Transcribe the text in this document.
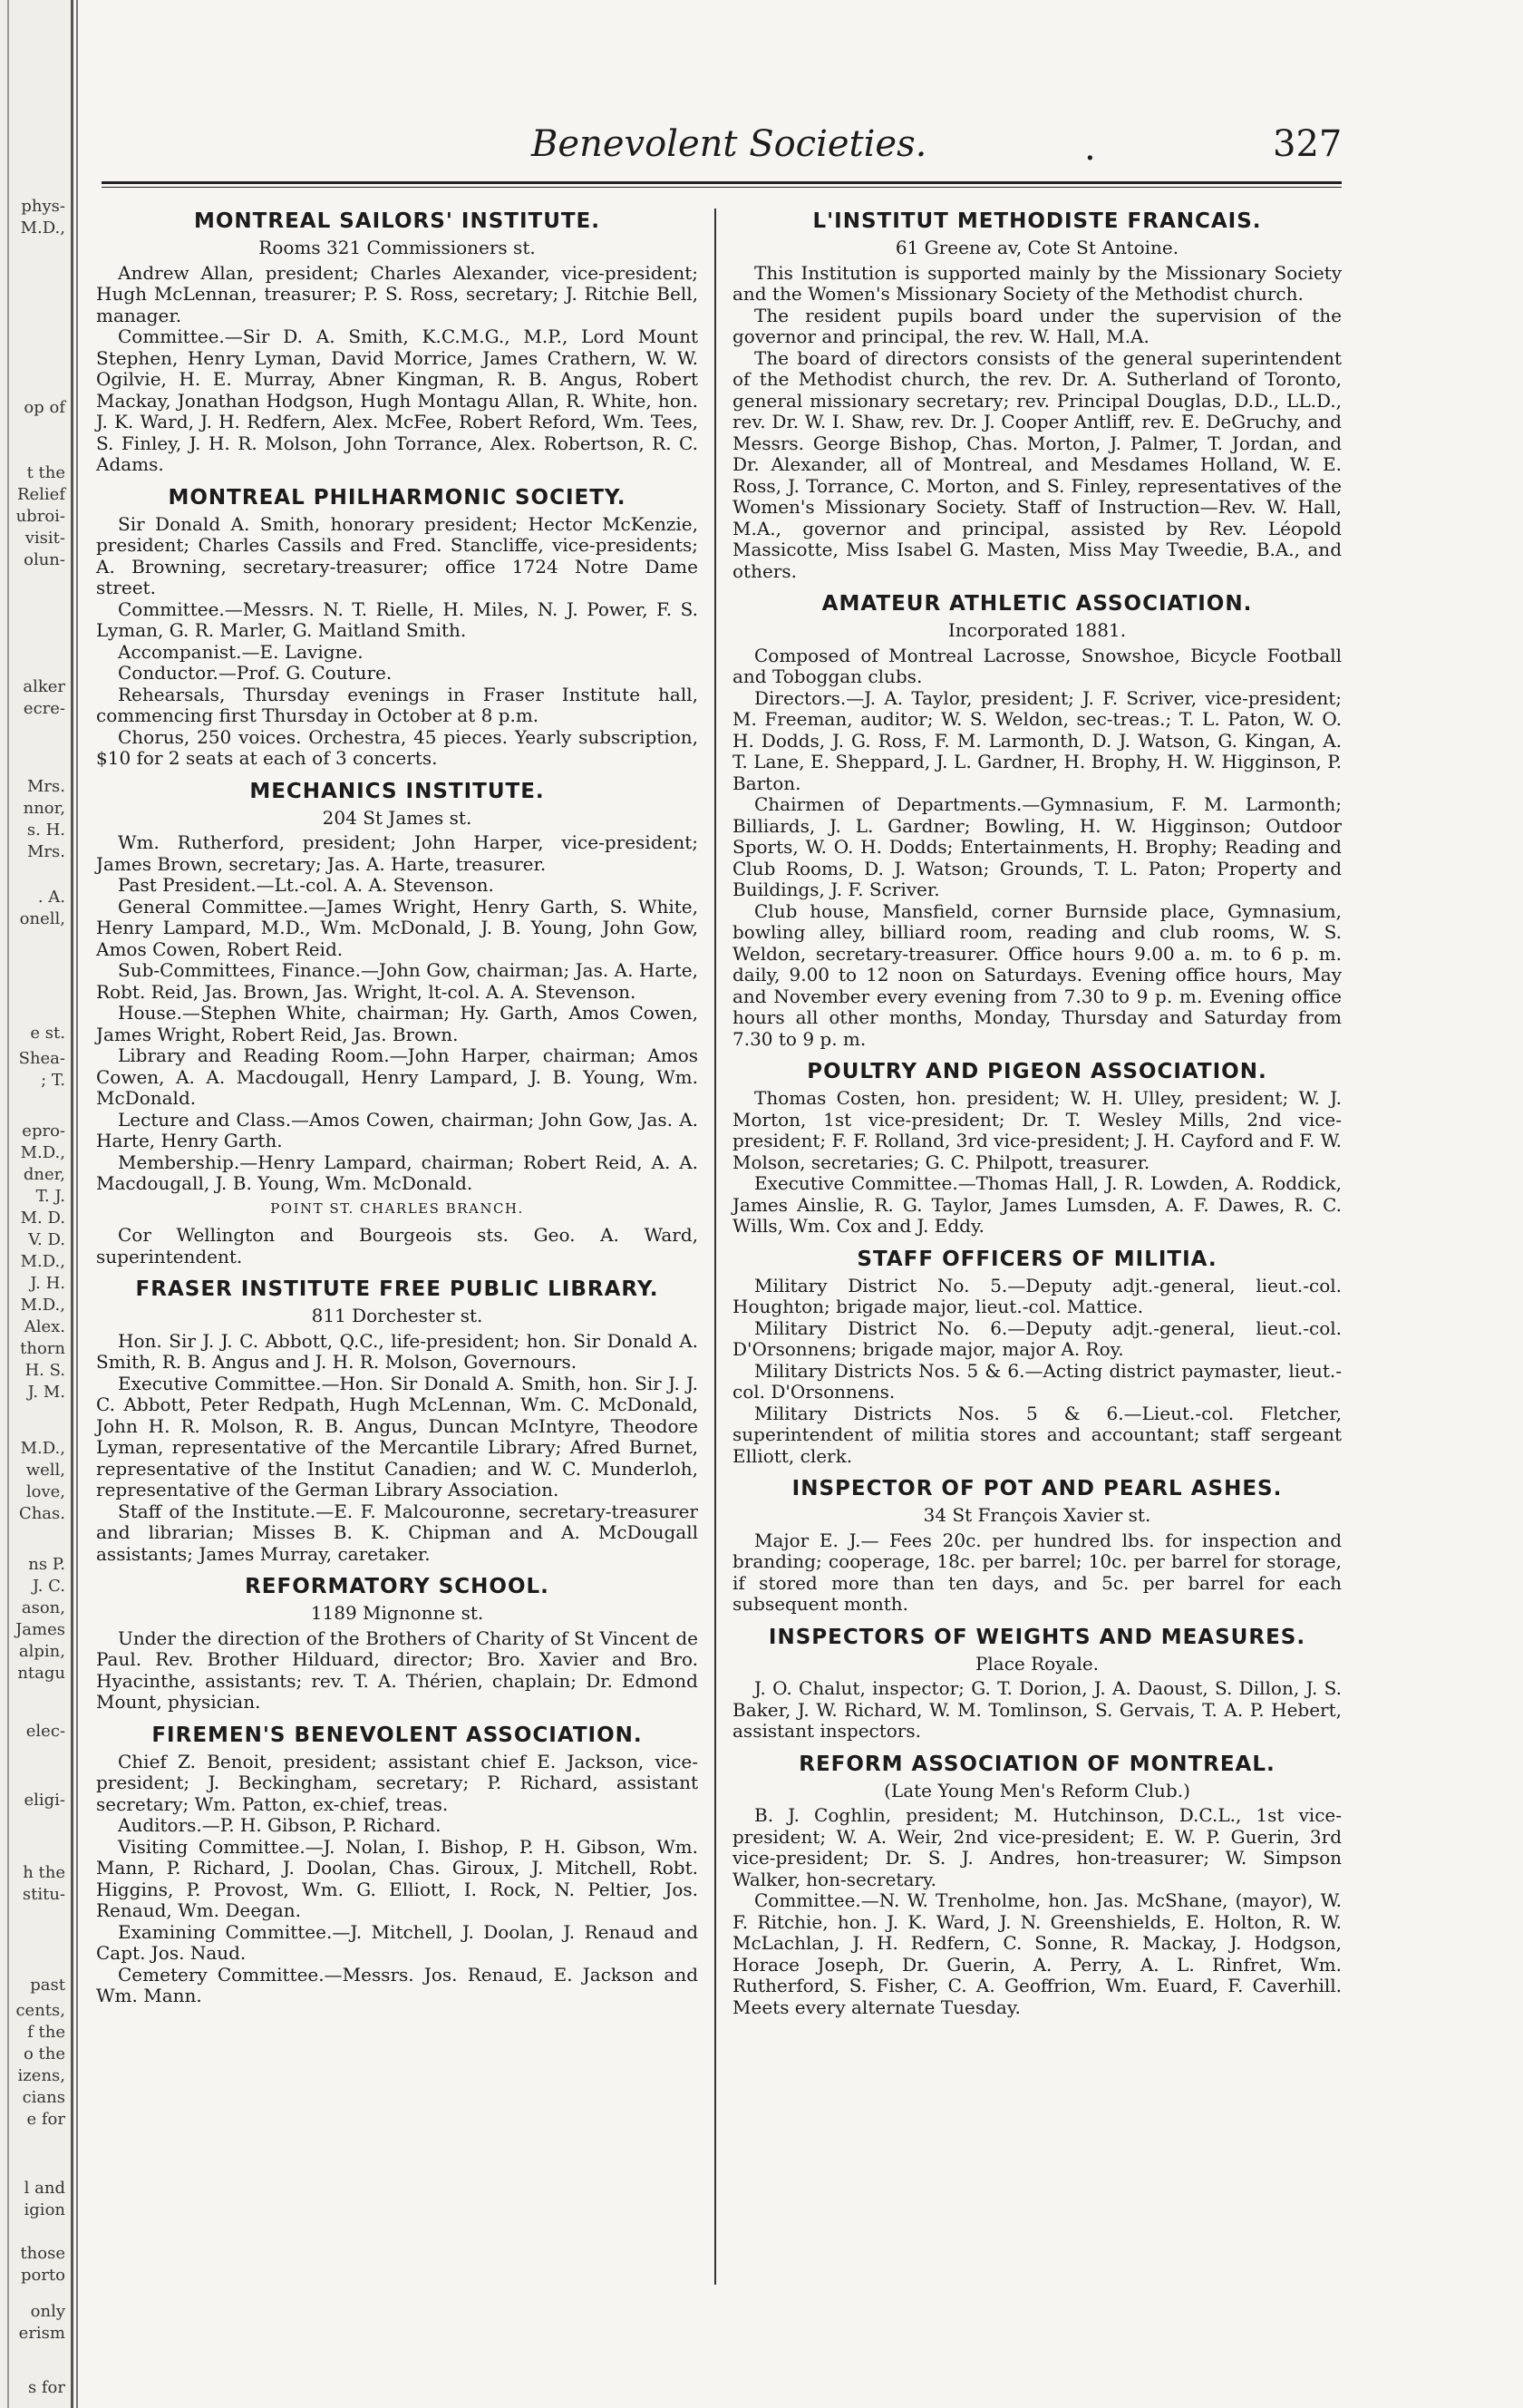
phys-
M.D.,
op of
t the
Relief
ubroi-
visit-
olun-
alker
ecre-
Mrs.
nnor,
s. H.
Mrs.
. A.
onell,
e st.
Shea-
; T.
epro-
M.D.,
dner,
T. J.
M. D.
V. D.
M.D.,
J. H.
M.D.,
Alex.
thorn
H. S.
J. M.
M.D.,
well,
love,
Chas.
ns P.
J. C.
ason,
James
alpin,
ntagu
elec-
eligi-
h the
stitu-
past
cents,
f the
o the
izens,
cians
e for
l and
igion
those
porto
only
erism
s for
Benevolent Societies.	.	327
MONTREAL SAILORS' INSTITUTE.
Rooms 321 Commissioners st.

Andrew Allan, president; Charles Alexander, vice-president; Hugh McLennan, treasurer; P. S. Ross, secretary; J. Ritchie Bell, manager.

Committee.—Sir D. A. Smith, K.C.M.G., M.P., Lord Mount Stephen, Henry Lyman, David Morrice, James Crathern, W. W. Ogilvie, H. E. Murray, Abner Kingman, R. B. Angus, Robert Mackay, Jonathan Hodgson, Hugh Montagu Allan, R. White, hon. J. K. Ward, J. H. Redfern, Alex. McFee, Robert Reford, Wm. Tees, S. Finley, J. H. R. Molson, John Torrance, Alex. Robertson, R. C. Adams.

MONTREAL PHILHARMONIC SOCIETY.

Sir Donald A. Smith, honorary president; Hector McKenzie, president; Charles Cassils and Fred. Stancliffe, vice-presidents; A. Browning, secretary-treasurer; office 1724 Notre Dame street.

Committee.—Messrs. N. T. Rielle, H. Miles, N. J. Power, F. S. Lyman, G. R. Marler, G. Maitland Smith.

Accompanist.—E. Lavigne.

Conductor.—Prof. G. Couture.

Rehearsals, Thursday evenings in Fraser Institute hall, commencing first Thursday in October at 8 p.m.

Chorus, 250 voices. Orchestra, 45 pieces. Yearly subscription, $10 for 2 seats at each of 3 concerts.

MECHANICS INSTITUTE.
204 St James st.

Wm. Rutherford, president; John Harper, vice-president; James Brown, secretary; Jas. A. Harte, treasurer.

Past President.—Lt.-col. A. A. Stevenson.

General Committee.—James Wright, Henry Garth, S. White, Henry Lampard, M.D., Wm. McDonald, J. B. Young, John Gow, Amos Cowen, Robert Reid.

Sub-Committees, Finance.—John Gow, chairman; Jas. A. Harte, Robt. Reid, Jas. Brown, Jas. Wright, lt-col. A. A. Stevenson.

House.—Stephen White, chairman; Hy. Garth, Amos Cowen, James Wright, Robert Reid, Jas. Brown.

Library and Reading Room.—John Harper, chairman; Amos Cowen, A. A. Macdougall, Henry Lampard, J. B. Young, Wm. McDonald.

Lecture and Class.—Amos Cowen, chairman; John Gow, Jas. A. Harte, Henry Garth.

Membership.—Henry Lampard, chairman; Robert Reid, A. A. Macdougall, J. B. Young, Wm. McDonald.

POINT ST. CHARLES BRANCH.

Cor Wellington and Bourgeois sts. Geo. A. Ward, superintendent.

FRASER INSTITUTE FREE PUBLIC LIBRARY.
811 Dorchester st.

Hon. Sir J. J. C. Abbott, Q.C., life-president; hon. Sir Donald A. Smith, R. B. Angus and J. H. R. Molson, Governours.

Executive Committee.—Hon. Sir Donald A. Smith, hon. Sir J. J. C. Abbott, Peter Redpath, Hugh McLennan, Wm. C. McDonald, John H. R. Molson, R. B. Angus, Duncan McIntyre, Theodore Lyman, representative of the Mercantile Library; Afred Burnet, representative of the Institut Canadien; and W. C. Munderloh, representative of the German Library Association.

Staff of the Institute.—E. F. Malcouronne, secretary-treasurer and librarian; Misses B. K. Chipman and A. McDougall assistants; James Murray, caretaker.

REFORMATORY SCHOOL.
1189 Mignonne st.

Under the direction of the Brothers of Charity of St Vincent de Paul. Rev. Brother Hilduard, director; Bro. Xavier and Bro. Hyacinthe, assistants; rev. T. A. Thérien, chaplain; Dr. Edmond Mount, physician.

FIREMEN'S BENEVOLENT ASSOCIATION.

Chief Z. Benoit, president; assistant chief E. Jackson, vice-president; J. Beckingham, secretary; P. Richard, assistant secretary; Wm. Patton, ex-chief, treas.

Auditors.—P. H. Gibson, P. Richard.

Visiting Committee.—J. Nolan, I. Bishop, P. H. Gibson, Wm. Mann, P. Richard, J. Doolan, Chas. Giroux, J. Mitchell, Robt. Higgins, P. Provost, Wm. G. Elliott, I. Rock, N. Peltier, Jos. Renaud, Wm. Deegan.

Examining Committee.—J. Mitchell, J. Doolan, J. Renaud and Capt. Jos. Naud.

Cemetery Committee.—Messrs. Jos. Renaud, E. Jackson and Wm. Mann.

L'INSTITUT METHODISTE FRANCAIS.
61 Greene av, Cote St Antoine.

This Institution is supported mainly by the Missionary Society and the Women's Missionary Society of the Methodist church.

The resident pupils board under the supervision of the governor and principal, the rev. W. Hall, M.A.

The board of directors consists of the general superintendent of the Methodist church, the rev. Dr. A. Sutherland of Toronto, general missionary secretary; rev. Principal Douglas, D.D., LL.D., rev. Dr. W. I. Shaw, rev. Dr. J. Cooper Antliff, rev. E. DeGruchy, and Messrs. George Bishop, Chas. Morton, J. Palmer, T. Jordan, and Dr. Alexander, all of Montreal, and Mesdames Holland, W. E. Ross, J. Torrance, C. Morton, and S. Finley, representatives of the Women's Missionary Society. Staff of Instruction—Rev. W. Hall, M.A., governor and principal, assisted by Rev. Léopold Massicotte, Miss Isabel G. Masten, Miss May Tweedie, B.A., and others.

AMATEUR ATHLETIC ASSOCIATION.
Incorporated 1881.

Composed of Montreal Lacrosse, Snowshoe, Bicycle Football and Toboggan clubs.

Directors.—J. A. Taylor, president; J. F. Scriver, vice-president; M. Freeman, auditor; W. S. Weldon, sec-treas.; T. L. Paton, W. O. H. Dodds, J. G. Ross, F. M. Larmonth, D. J. Watson, G. Kingan, A. T. Lane, E. Sheppard, J. L. Gardner, H. Brophy, H. W. Higginson, P. Barton.

Chairmen of Departments.—Gymnasium, F. M. Larmonth; Billiards, J. L. Gardner; Bowling, H. W. Higginson; Outdoor Sports, W. O. H. Dodds; Entertainments, H. Brophy; Reading and Club Rooms, D. J. Watson; Grounds, T. L. Paton; Property and Buildings, J. F. Scriver.

Club house, Mansfield, corner Burnside place, Gymnasium, bowling alley, billiard room, reading and club rooms, W. S. Weldon, secretary-treasurer. Office hours 9.00 a. m. to 6 p. m. daily, 9.00 to 12 noon on Saturdays. Evening office hours, May and November every evening from 7.30 to 9 p. m. Evening office hours all other months, Monday, Thursday and Saturday from 7.30 to 9 p. m.

POULTRY AND PIGEON ASSOCIATION.

Thomas Costen, hon. president; W. H. Ulley, president; W. J. Morton, 1st vice-president; Dr. T. Wesley Mills, 2nd vice-president; F. F. Rolland, 3rd vice-president; J. H. Cayford and F. W. Molson, secretaries; G. C. Philpott, treasurer.

Executive Committee.—Thomas Hall, J. R. Lowden, A. Roddick, James Ainslie, R. G. Taylor, James Lumsden, A. F. Dawes, R. C. Wills, Wm. Cox and J. Eddy.

STAFF OFFICERS OF MILITIA.

Military District No. 5.—Deputy adjt.-general, lieut.-col. Houghton; brigade major, lieut.-col. Mattice.

Military District No. 6.—Deputy adjt.-general, lieut.-col. D'Orsonnens; brigade major, major A. Roy.

Military Districts Nos. 5 & 6.—Acting district paymaster, lieut.-col. D'Orsonnens.

Military Districts Nos. 5 & 6.—Lieut.-col. Fletcher, superintendent of militia stores and accountant; staff sergeant Elliott, clerk.

INSPECTOR OF POT AND PEARL ASHES.
34 St François Xavier st.

Major E. J.— Fees 20c. per hundred lbs. for inspection and branding; cooperage, 18c. per barrel; 10c. per barrel for storage, if stored more than ten days, and 5c. per barrel for each subsequent month.

INSPECTORS OF WEIGHTS AND MEASURES.
Place Royale.

J. O. Chalut, inspector; G. T. Dorion, J. A. Daoust, S. Dillon, J. S. Baker, J. W. Richard, W. M. Tomlinson, S. Gervais, T. A. P. Hebert, assistant inspectors.

REFORM ASSOCIATION OF MONTREAL.
(Late Young Men's Reform Club.)

B. J. Coghlin, president; M. Hutchinson, D.C.L., 1st vice-president; W. A. Weir, 2nd vice-president; E. W. P. Guerin, 3rd vice-president; Dr. S. J. Andres, hon-treasurer; W. Simpson Walker, hon-secretary.

Committee.—N. W. Trenholme, hon. Jas. McShane, (mayor), W. F. Ritchie, hon. J. K. Ward, J. N. Greenshields, E. Holton, R. W. McLachlan, J. H. Redfern, C. Sonne, R. Mackay, J. Hodgson, Horace Joseph, Dr. Guerin, A. Perry, A. L. Rinfret, Wm. Rutherford, S. Fisher, C. A. Geoffrion, Wm. Euard, F. Caverhill. Meets every alternate Tuesday.
